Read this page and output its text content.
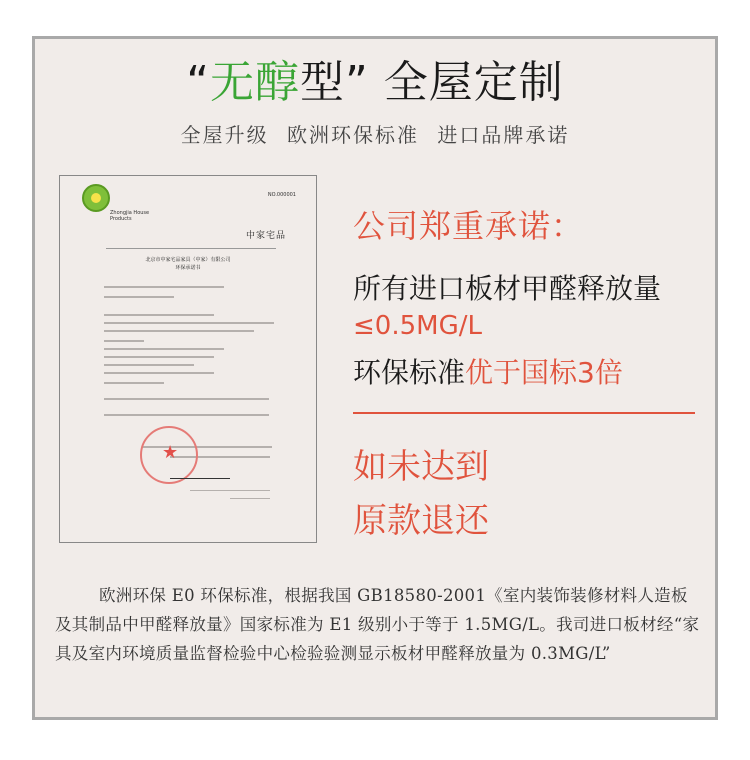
“无醇型” 全屋定制
全屋升级 欧洲环保标准 进口品牌承诺
Zhongjia House Products
NO.000001
中家宅品
北京市中家宅品家具（中家）有限公司
环保承诺书
★
公司郑重承诺：
所有进口板材甲醛释放量
≤0.5MG/L
环保标准优于国标3倍
如未达到
原款退还
欧洲环保 E0 环保标准，根据我国 GB18580-2001《室内装饰装修材料人造板及其制品中甲醛释放量》国家标准为 E1 级别小于等于 1.5MG/L。我司进口板材经“家具及室内环境质量监督检验中心检验验测显示板材甲醛释放量为 0.3MG/L”
